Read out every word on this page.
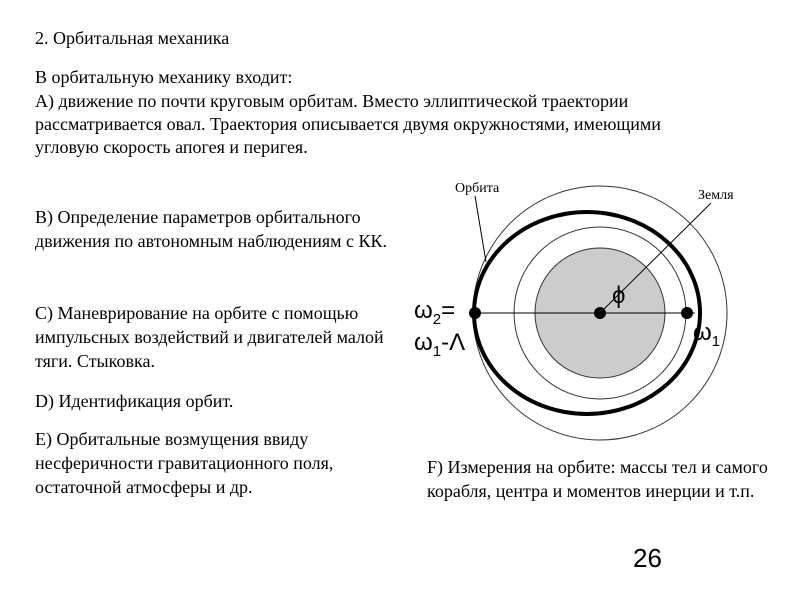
2. Орбитальная механика
В орбитальную механику входит:
А) движение по почти круговым орбитам. Вместо эллиптической траектории рассматривается овал. Траектория описывается двумя окружностями, имеющими угловую скорость апогея и перигея.
В) Определение параметров орбитального движения по автономным наблюдениям с КК.
С) Маневрирование на орбите с помощью импульсных воздействий и двигателей малой тяги. Стыковка.
D) Идентификация орбит.
Е) Орбитальные возмущения ввиду несферичности гравитационного поля, остаточной атмосферы и др.
F) Измерения на орбите: массы тел и самого корабля, центра и моментов инерции и т.п.
Орбита	Земля
ϕ
$\omega_1$
$\omega_2=$
$\omega_1-\Lambda$
26
